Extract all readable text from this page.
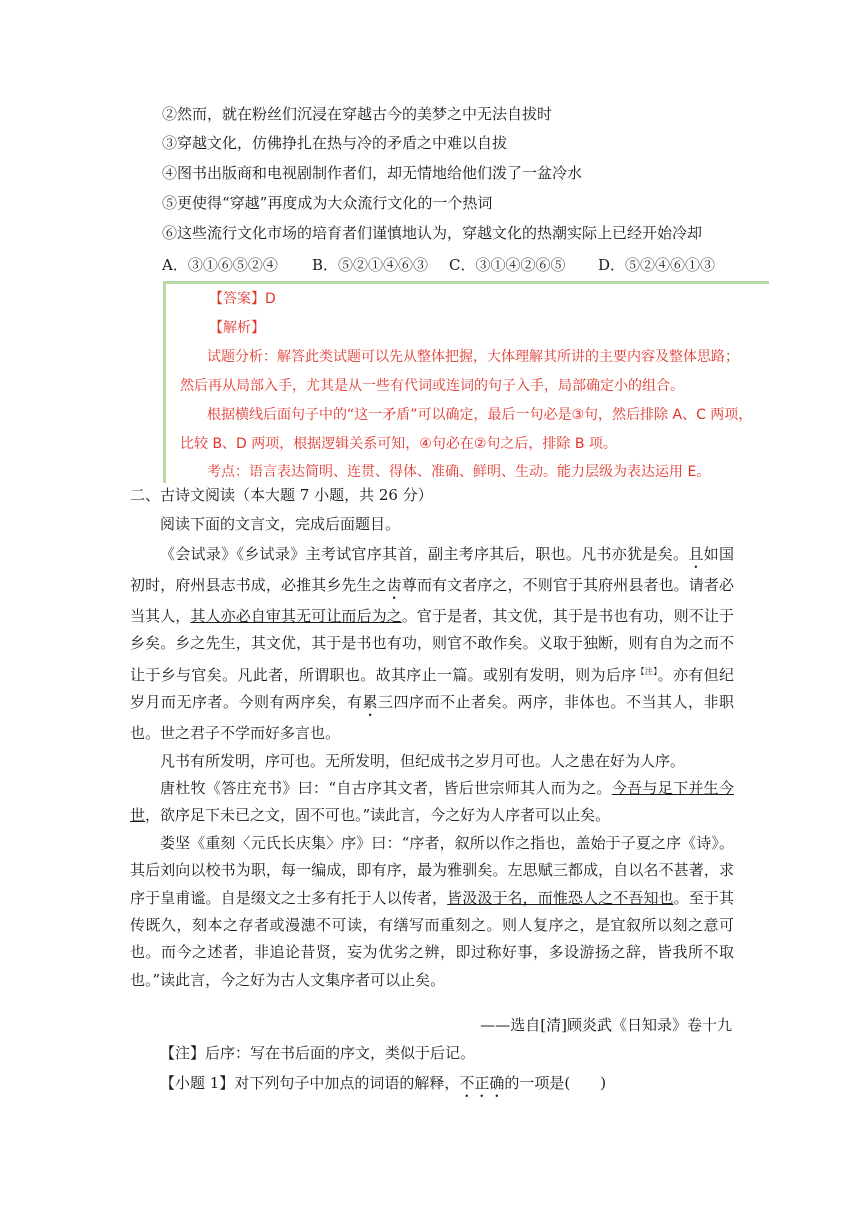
②然而，就在粉丝们沉浸在穿越古今的美梦之中无法自拔时
③穿越文化，仿佛挣扎在热与冷的矛盾之中难以自拔
④图书出版商和电视剧制作者们，却无情地给他们泼了一盆冷水
⑤更使得“穿越”再度成为大众流行文化的一个热词
⑥这些流行文化市场的培育者们谨慎地认为，穿越文化的热潮实际上已经开始冷却
A．③①⑥⑤②④ B．⑤②①④⑥③ C．③①④②⑥⑤ D．⑤②④⑥①③
【答案】D
【解析】
试题分析：解答此类试题可以先从整体把握，大体理解其所讲的主要内容及整体思路；
然后再从局部入手，尤其是从一些有代词或连词的句子入手，局部确定小的组合。
根据横线后面句子中的“这一矛盾”可以确定，最后一句必是③句，然后排除 A、C 两项，
比较 B、D 两项，根据逻辑关系可知，④句必在②句之后，排除 B 项。
考点：语言表达简明、连贯、得体、准确、鲜明、生动。能力层级为表达运用 E。
二、古诗文阅读（本大题 7 小题，共 26 分）
阅读下面的文言文，完成后面题目。

《会试录》《乡试录》主考试官序其首，副主考序其后，职也。凡书亦犹是矣。且如国初时，府州县志书成，必推其乡先生之齿尊而有文者序之，不则官于其府州县者也。请者必当其人，其人亦必自审其无可让而后为之。官于是者，其文优，其于是书也有功，则不让于乡矣。乡之先生，其文优，其于是书也有功，则官不敢作矣。义取于独断，则有自为之而不让于乡与官矣。凡此者，所谓职也。故其序止一篇。或别有发明，则为后序$^{【注】}$。亦有但纪岁月而无序者。今则有两序矣，有累三四序而不止者矣。两序，非体也。不当其人，非职也。世之君子不学而好多言也。

凡书有所发明，序可也。无所发明，但纪成书之岁月可也。人之患在好为人序。

唐杜牧《答庄充书》曰：“自古序其文者，皆后世宗师其人而为之。今吾与足下并生今世，欲序足下未已之文，固不可也。”读此言，今之好为人序者可以止矣。

娄坚《重刻〈元氏长庆集〉序》曰：“序者，叙所以作之指也，盖始于子夏之序《诗》。其后刘向以校书为职，每一编成，即有序，最为雅驯矣。左思赋三都成，自以名不甚著，求序于皇甫谧。自是缀文之士多有托于人以传者，皆汲汲于名，而惟恐人之不吾知也。至于其传既久，刻本之存者或漫漶不可读，有缮写而重刻之。则人复序之，是宜叙所以刻之意可也。而今之述者，非追论昔贤，妄为优劣之辨，即过称好事，多设游扬之辞，皆我所不取也。”读此言，今之好为古人文集序者可以止矣。

——选自[清]顾炎武《日知录》卷十九
【注】后序：写在书后面的序文，类似于后记。
【小题 1】对下列句子中加点的词语的解释，不正确的一项是(　　)
